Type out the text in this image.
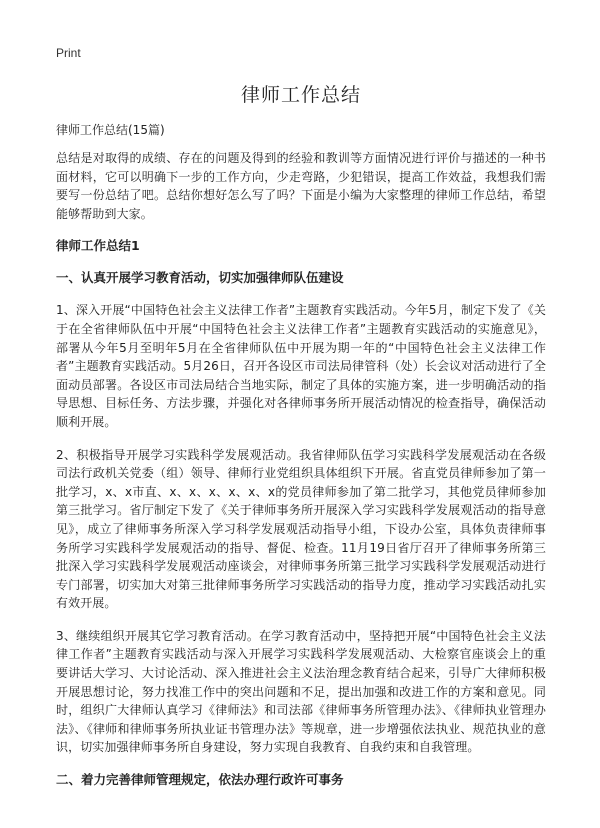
Print
律师工作总结
律师工作总结(15篇)

总结是对取得的成绩、存在的问题及得到的经验和教训等方面情况进行评价与描述的一种书面材料，它可以明确下一步的工作方向，少走弯路，少犯错误，提高工作效益，我想我们需要写一份总结了吧。总结你想好怎么写了吗？下面是小编为大家整理的律师工作总结，希望能够帮助到大家。

律师工作总结1
一、认真开展学习教育活动，切实加强律师队伍建设

1、深入开展“中国特色社会主义法律工作者”主题教育实践活动。今年5月，制定下发了《关于在全省律师队伍中开展“中国特色社会主义法律工作者”主题教育实践活动的实施意见》，部署从今年5月至明年5月在全省律师队伍中开展为期一年的“中国特色社会主义法律工作者”主题教育实践活动。5月26日，召开各设区市司法局律管科（处）长会议对活动进行了全面动员部署。各设区市司法局结合当地实际，制定了具体的实施方案，进一步明确活动的指导思想、目标任务、方法步骤，并强化对各律师事务所开展活动情况的检查指导，确保活动顺利开展。

2、积极指导开展学习实践科学发展观活动。我省律师队伍学习实践科学发展观活动在各级司法行政机关党委（组）领导、律师行业党组织具体组织下开展。省直党员律师参加了第一批学习，x、x市直、x、x、x、x、x、x的党员律师参加了第二批学习，其他党员律师参加第三批学习。省厅制定下发了《关于律师事务所开展深入学习实践科学发展观活动的指导意见》，成立了律师事务所深入学习科学发展观活动指导小组，下设办公室，具体负责律师事务所学习实践科学发展观活动的指导、督促、检查。11月19日省厅召开了律师事务所第三批深入学习实践科学发展观活动座谈会，对律师事务所第三批学习实践科学发展观活动进行专门部署，切实加大对第三批律师事务所学习实践活动的指导力度，推动学习实践活动扎实有效开展。

3、继续组织开展其它学习教育活动。在学习教育活动中，坚持把开展“中国特色社会主义法律工作者”主题教育实践活动与深入开展学习实践科学发展观活动、大检察官座谈会上的重要讲话大学习、大讨论活动、深入推进社会主义法治理念教育结合起来，引导广大律师积极开展思想讨论，努力找准工作中的突出问题和不足，提出加强和改进工作的方案和意见。同时，组织广大律师认真学习《律师法》和司法部《律师事务所管理办法》、《律师执业管理办法》、《律师和律师事务所执业证书管理办法》等规章，进一步增强依法执业、规范执业的意识，切实加强律师事务所自身建设，努力实现自我教育、自我约束和自我管理。

二、着力完善律师管理规定，依法办理行政许可事务
